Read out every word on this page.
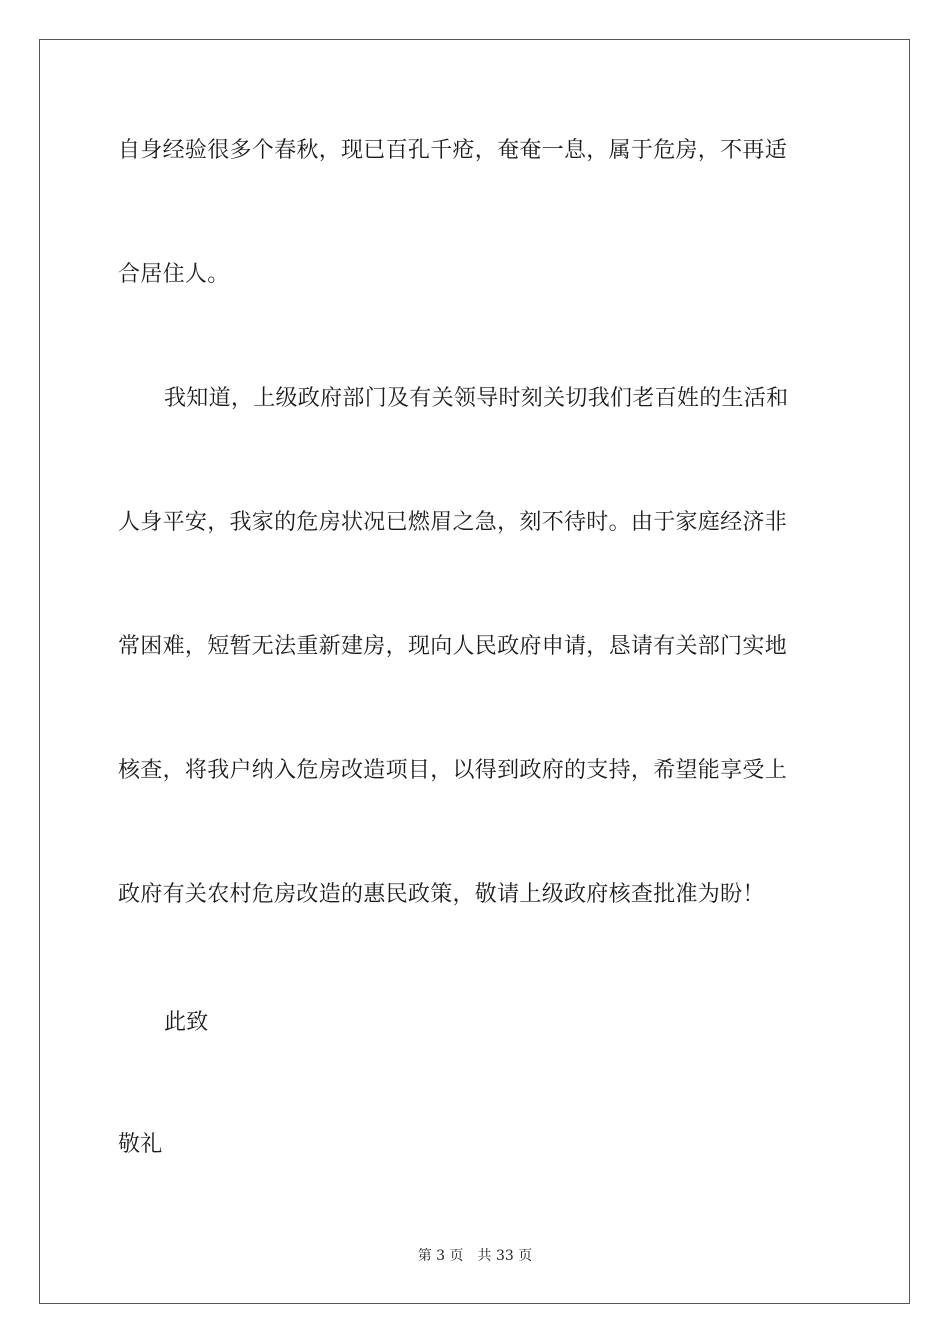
自身经验很多个春秋，现已百孔千疮，奄奄一息，属于危房，不再适
合居住人。
我知道，上级政府部门及有关领导时刻关切我们老百姓的生活和
人身平安，我家的危房状况已燃眉之急，刻不待时。由于家庭经济非
常困难，短暂无法重新建房，现向人民政府申请，恳请有关部门实地
核查，将我户纳入危房改造项目，以得到政府的支持，希望能享受上
政府有关农村危房改造的惠民政策，敬请上级政府核查批准为盼！
此致
敬礼
第 3 页 共 33 页
